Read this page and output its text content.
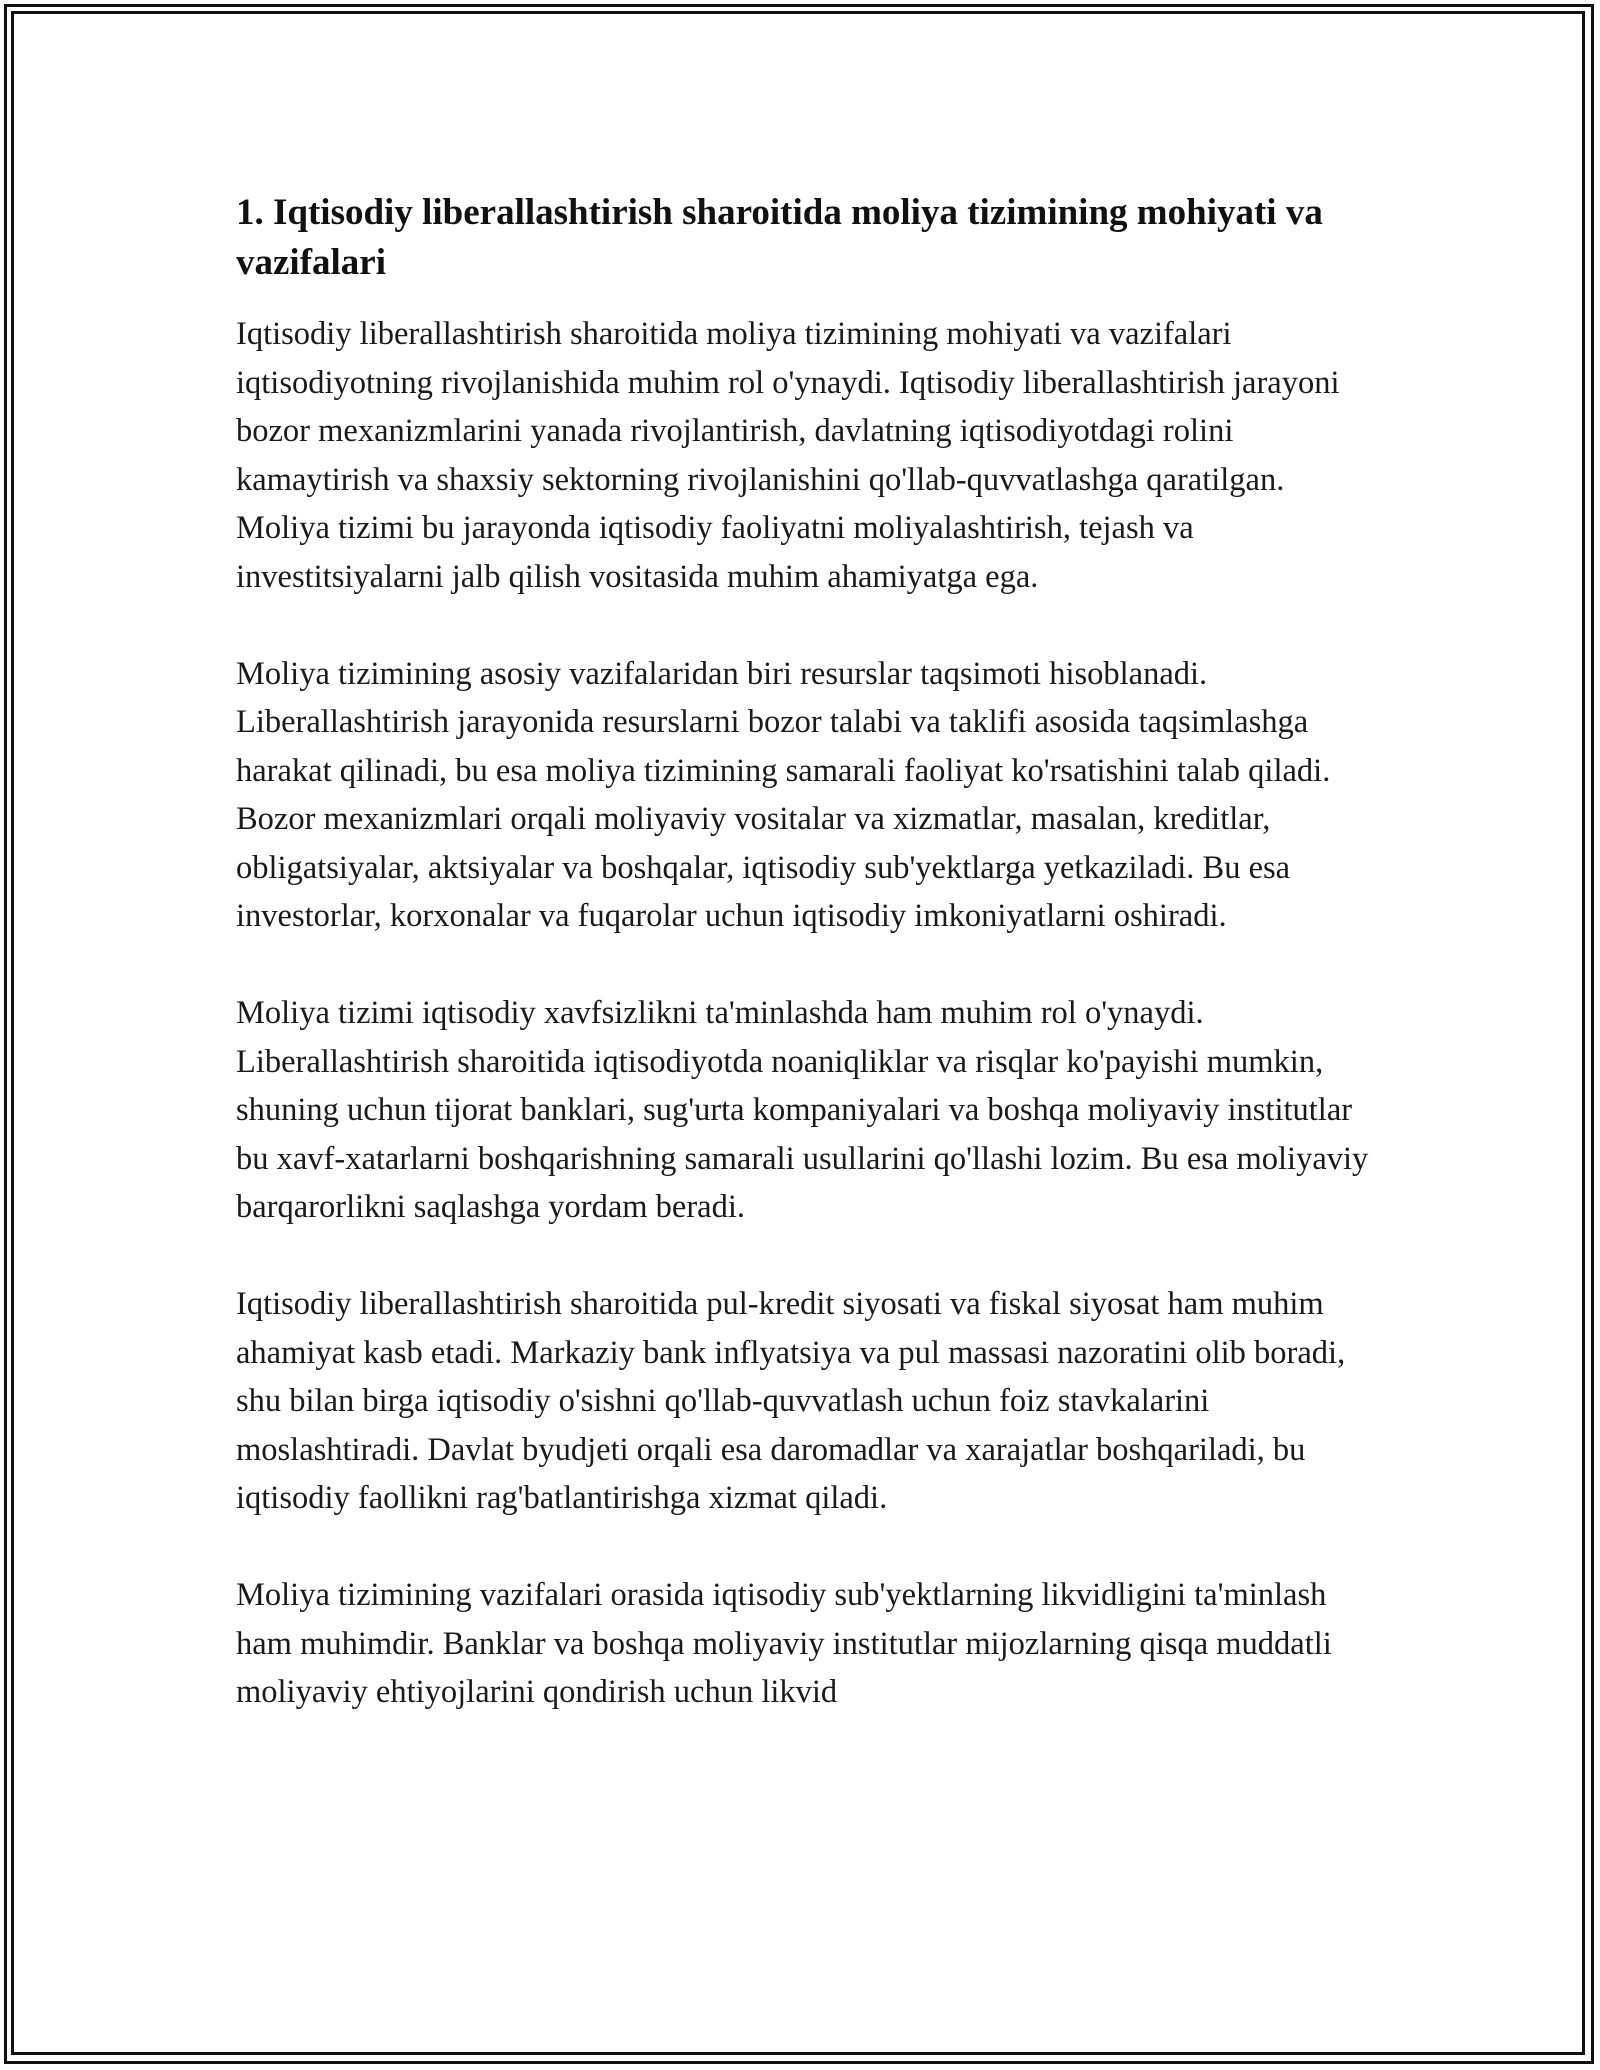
1. Iqtisodiy liberallashtirish sharoitida moliya tizimining mohiyati va vazifalari

Iqtisodiy liberallashtirish sharoitida moliya tizimining mohiyati va vazifalari iqtisodiyotning rivojlanishida muhim rol o'ynaydi. Iqtisodiy liberallashtirish jarayoni bozor mexanizmlarini yanada rivojlantirish, davlatning iqtisodiyotdagi rolini kamaytirish va shaxsiy sektorning rivojlanishini qo'llab-quvvatlashga qaratilgan. Moliya tizimi bu jarayonda iqtisodiy faoliyatni moliyalashtirish, tejash va investitsiyalarni jalb qilish vositasida muhim ahamiyatga ega.

Moliya tizimining asosiy vazifalaridan biri resurslar taqsimoti hisoblanadi. Liberallashtirish jarayonida resurslarni bozor talabi va taklifi asosida taqsimlashga harakat qilinadi, bu esa moliya tizimining samarali faoliyat ko'rsatishini talab qiladi. Bozor mexanizmlari orqali moliyaviy vositalar va xizmatlar, masalan, kreditlar, obligatsiyalar, aktsiyalar va boshqalar, iqtisodiy sub'yektlarga yetkaziladi. Bu esa investorlar, korxonalar va fuqarolar uchun iqtisodiy imkoniyatlarni oshiradi.

Moliya tizimi iqtisodiy xavfsizlikni ta'minlashda ham muhim rol o'ynaydi. Liberallashtirish sharoitida iqtisodiyotda noaniqliklar va risqlar ko'payishi mumkin, shuning uchun tijorat banklari, sug'urta kompaniyalari va boshqa moliyaviy institutlar bu xavf-xatarlarni boshqarishning samarali usullarini qo'llashi lozim. Bu esa moliyaviy barqarorlikni saqlashga yordam beradi.

Iqtisodiy liberallashtirish sharoitida pul-kredit siyosati va fiskal siyosat ham muhim ahamiyat kasb etadi. Markaziy bank inflyatsiya va pul massasi nazoratini olib boradi, shu bilan birga iqtisodiy o'sishni qo'llab-quvvatlash uchun foiz stavkalarini moslashtiradi. Davlat byudjeti orqali esa daromadlar va xarajatlar boshqariladi, bu iqtisodiy faollikni rag'batlantirishga xizmat qiladi.

Moliya tizimining vazifalari orasida iqtisodiy sub'yektlarning likvidligini ta'minlash ham muhimdir. Banklar va boshqa moliyaviy institutlar mijozlarning qisqa muddatli moliyaviy ehtiyojlarini qondirish uchun likvid
